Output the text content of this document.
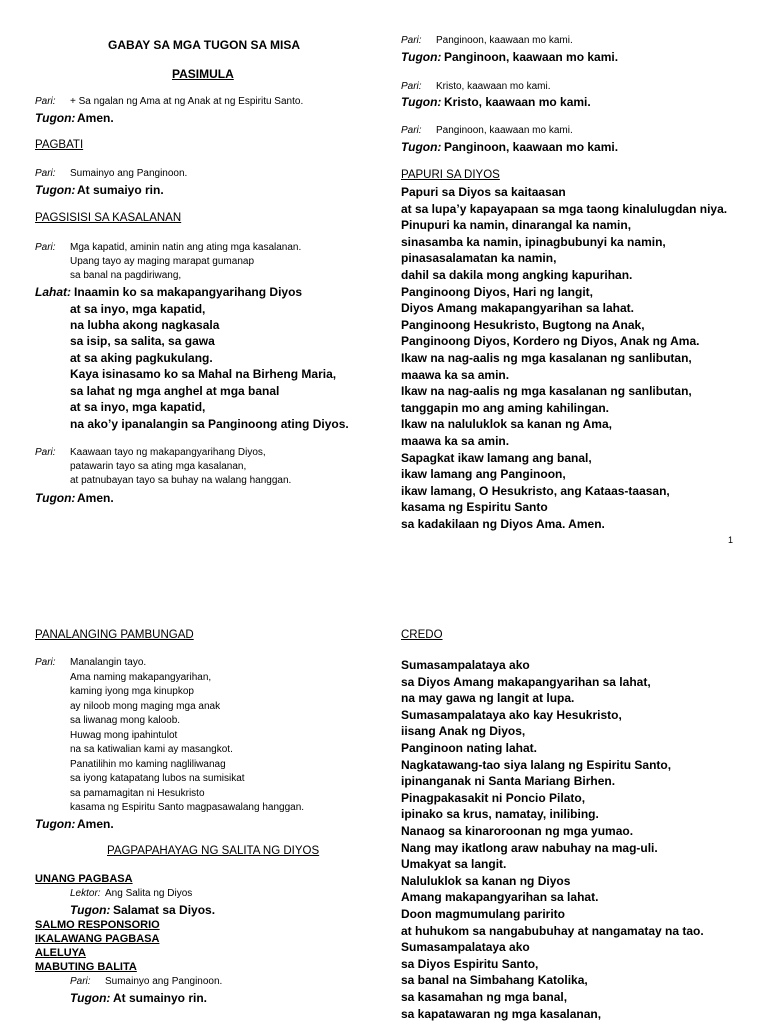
GABAY SA MGA TUGON SA MISA
PASIMULA
Pari: + Sa ngalan ng Ama at ng Anak at ng Espiritu Santo.
Tugon: Amen.
PAGBATI
Pari: Sumainyo ang Panginoon.
Tugon: At sumaiyo rin.
PAGSISISI SA KASALANAN
Pari: Mga kapatid, aminin natin ang ating mga kasalanan.
Upang tayo ay maging marapat gumanap
sa banal na pagdiriwang,
Lahat: Inaamin ko sa makapangyarihang Diyos
at sa inyo, mga kapatid,
na lubha akong nagkasala
sa isip, sa salita, sa gawa
at sa aking pagkukulang.
Kaya isinasamo ko sa Mahal na Birheng Maria,
sa lahat ng mga anghel at mga banal
at sa inyo, mga kapatid,
na ako’y ipanalangin sa Panginoong ating Diyos.
Pari: Kaawaan tayo ng makapangyarihang Diyos,
patawarin tayo sa ating mga kasalanan,
at patnubayan tayo sa buhay na walang hanggan.
Tugon: Amen.
Pari: Panginoon, kaawaan mo kami.
Tugon: Panginoon, kaawaan mo kami.
Pari: Kristo, kaawaan mo kami.
Tugon: Kristo, kaawaan mo kami.
Pari: Panginoon, kaawaan mo kami.
Tugon: Panginoon, kaawaan mo kami.
PAPURI SA DIYOS
Papuri sa Diyos sa kaitaasan
at sa lupa’y kapayapaan sa mga taong kinalulugdan niya.
Pinupuri ka namin, dinarangal ka namin,
sinasamba ka namin, ipinagbubunyi ka namin,
pinasasalamatan ka namin,
dahil sa dakila mong angking kapurihan.
Panginoong Diyos, Hari ng langit,
Diyos Amang makapangyarihan sa lahat.
Panginoong Hesukristo, Bugtong na Anak,
Panginoong Diyos, Kordero ng Diyos, Anak ng Ama.
Ikaw na nag-aalis ng mga kasalanan ng sanlibutan,
maawa ka sa amin.
Ikaw na nag-aalis ng mga kasalanan ng sanlibutan,
tanggapin mo ang aming kahilingan.
Ikaw na naluluklok sa kanan ng Ama,
maawa ka sa amin.
Sapagkat ikaw lamang ang banal,
ikaw lamang ang Panginoon,
ikaw lamang, O Hesukristo, ang Kataas-taasan,
kasama ng Espiritu Santo
sa kadakilaan ng Diyos Ama. Amen.
1
PANALANGING PAMBUNGAD
Pari: Manalangin tayo.
Ama naming makapangyarihan,
kaming iyong mga kinupkop
ay niloob mong maging mga anak
sa liwanag mong kaloob.
Huwag mong ipahintulot
na sa katiwalian kami ay masangkot.
Panatilihin mo kaming nagliliwanag
sa iyong katapatang lubos na sumisikat
sa pamamagitan ni Hesukristo
kasama ng Espiritu Santo magpasawalang hanggan.
Tugon: Amen.
PAGPAPAHAYAG NG SALITA NG DIYOS
UNANG PAGBASA
Lektor: Ang Salita ng Diyos
Tugon: Salamat sa Diyos.
SALMO RESPONSORIO
IKALAWANG PAGBASA
ALELUYA
MABUTING BALITA
Pari: Sumainyo ang Panginoon.
Tugon: At sumainyo rin.
CREDO
Sumasampalataya ako
sa Diyos Amang makapangyarihan sa lahat,
na may gawa ng langit at lupa.
Sumasampalataya ako kay Hesukristo,
iisang Anak ng Diyos,
Panginoon nating lahat.
Nagkatawang-tao siya lalang ng Espiritu Santo,
ipinanganak ni Santa Mariang Birhen.
Pinagpakasakit ni Poncio Pilato,
ipinako sa krus, namatay, inilibing.
Nanaog sa kinaroroonan ng mga yumao.
Nang may ikatlong araw nabuhay na mag-uli.
Umakyat sa langit.
Naluluklok sa kanan ng Diyos
Amang makapangyarihan sa lahat.
Doon magmumulang paririto
at huhukom sa nangabubuhay at nangamatay na tao.
Sumasampalataya ako
sa Diyos Espiritu Santo,
sa banal na Simbahang Katolika,
sa kasamahan ng mga banal,
sa kapatawaran ng mga kasalanan,
